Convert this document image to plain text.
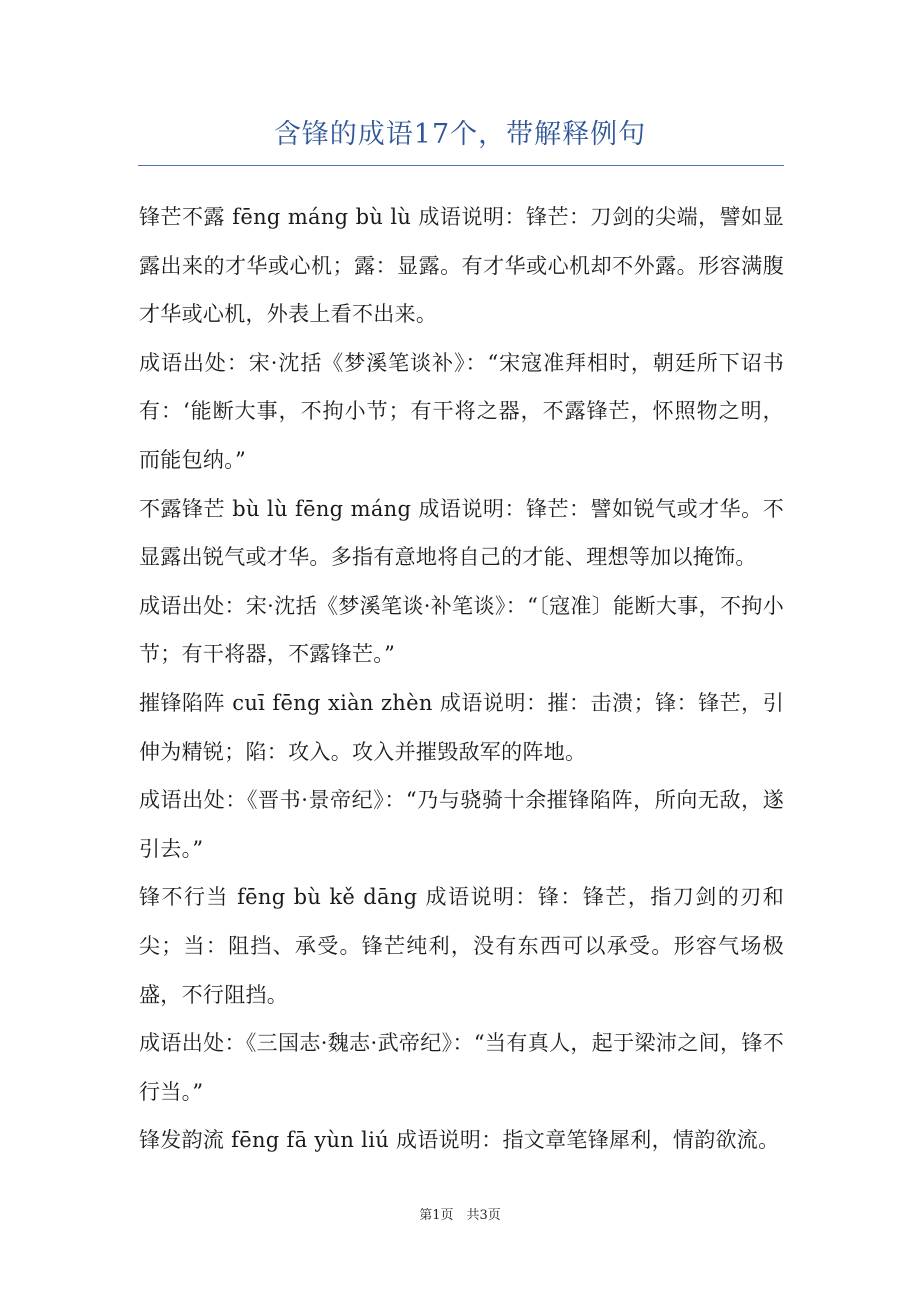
含锋的成语17个，带解释例句

锋芒不露 fēng máng bù lù 成语说明：锋芒：刀剑的尖端，譬如显露出来的才华或心机；露：显露。有才华或心机却不外露。形容满腹才华或心机，外表上看不出来。

成语出处：宋·沈括《梦溪笔谈补》：“宋寇准拜相时，朝廷所下诏书有：‘能断大事，不拘小节；有干将之器，不露锋芒，怀照物之明，而能包纳。”

不露锋芒 bù lù fēng máng 成语说明：锋芒：譬如锐气或才华。不显露出锐气或才华。多指有意地将自己的才能、理想等加以掩饰。

成语出处：宋·沈括《梦溪笔谈·补笔谈》：“〔寇准〕能断大事，不拘小节；有干将器，不露锋芒。”

摧锋陷阵 cuī fēng xiàn zhèn 成语说明：摧：击溃；锋：锋芒，引伸为精锐；陷：攻入。攻入并摧毁敌军的阵地。

成语出处：《晋书·景帝纪》：“乃与骁骑十余摧锋陷阵，所向无敌，遂引去。”

锋不行当 fēng bù kě dāng 成语说明：锋：锋芒，指刀剑的刃和尖；当：阻挡、承受。锋芒纯利，没有东西可以承受。形容气场极盛，不行阻挡。

成语出处：《三国志·魏志·武帝纪》：“当有真人，起于梁沛之间，锋不行当。”

锋发韵流 fēng fā yùn liú 成语说明：指文章笔锋犀利，情韵欲流。

第1页　共3页
